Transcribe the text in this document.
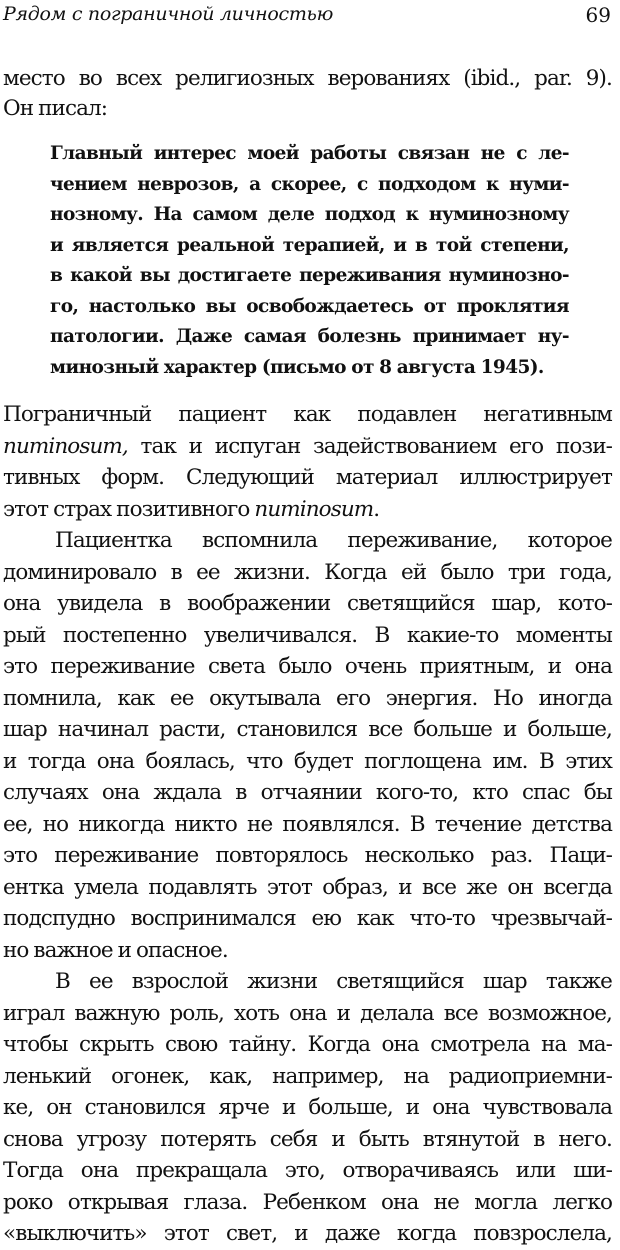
Рядом с пограничной личностью	69
место во всех религиозных верованиях (ibid., par. 9).
Он писал:
Главный интерес моей работы связан не с ле-
чением неврозов, а скорее, с подходом к нуми-
нозному. На самом деле подход к нуминозному
и является реальной терапией, и в той степени,
в какой вы достигаете переживания нуминозно-
го, настолько вы освобождаетесь от проклятия
патологии. Даже самая болезнь принимает ну-
минозный характер (письмо от 8 августа 1945).
Пограничный пациент как подавлен негативным
numinosum, так и испуган задействованием его пози-
тивных форм. Следующий материал иллюстрирует
этот страх позитивного numinosum.
Пациентка вспомнила переживание, которое
доминировало в ее жизни. Когда ей было три года,
она увидела в воображении светящийся шар, кото-
рый постепенно увеличивался. В какие-то моменты
это переживание света было очень приятным, и она
помнила, как ее окутывала его энергия. Но иногда
шар начинал расти, становился все больше и больше,
и тогда она боялась, что будет поглощена им. В этих
случаях она ждала в отчаянии кого-то, кто спас бы
ее, но никогда никто не появлялся. В течение детства
это переживание повторялось несколько раз. Паци-
ентка умела подавлять этот образ, и все же он всегда
подспудно воспринимался ею как что-то чрезвычай-
но важное и опасное.
В ее взрослой жизни светящийся шар также
играл важную роль, хоть она и делала все возможное,
чтобы скрыть свою тайну. Когда она смотрела на ма-
ленький огонек, как, например, на радиоприемни-
ке, он становился ярче и больше, и она чувствовала
снова угрозу потерять себя и быть втянутой в него.
Тогда она прекращала это, отворачиваясь или ши-
роко открывая глаза. Ребенком она не могла легко
«выключить» этот свет, и даже когда повзрослела,
